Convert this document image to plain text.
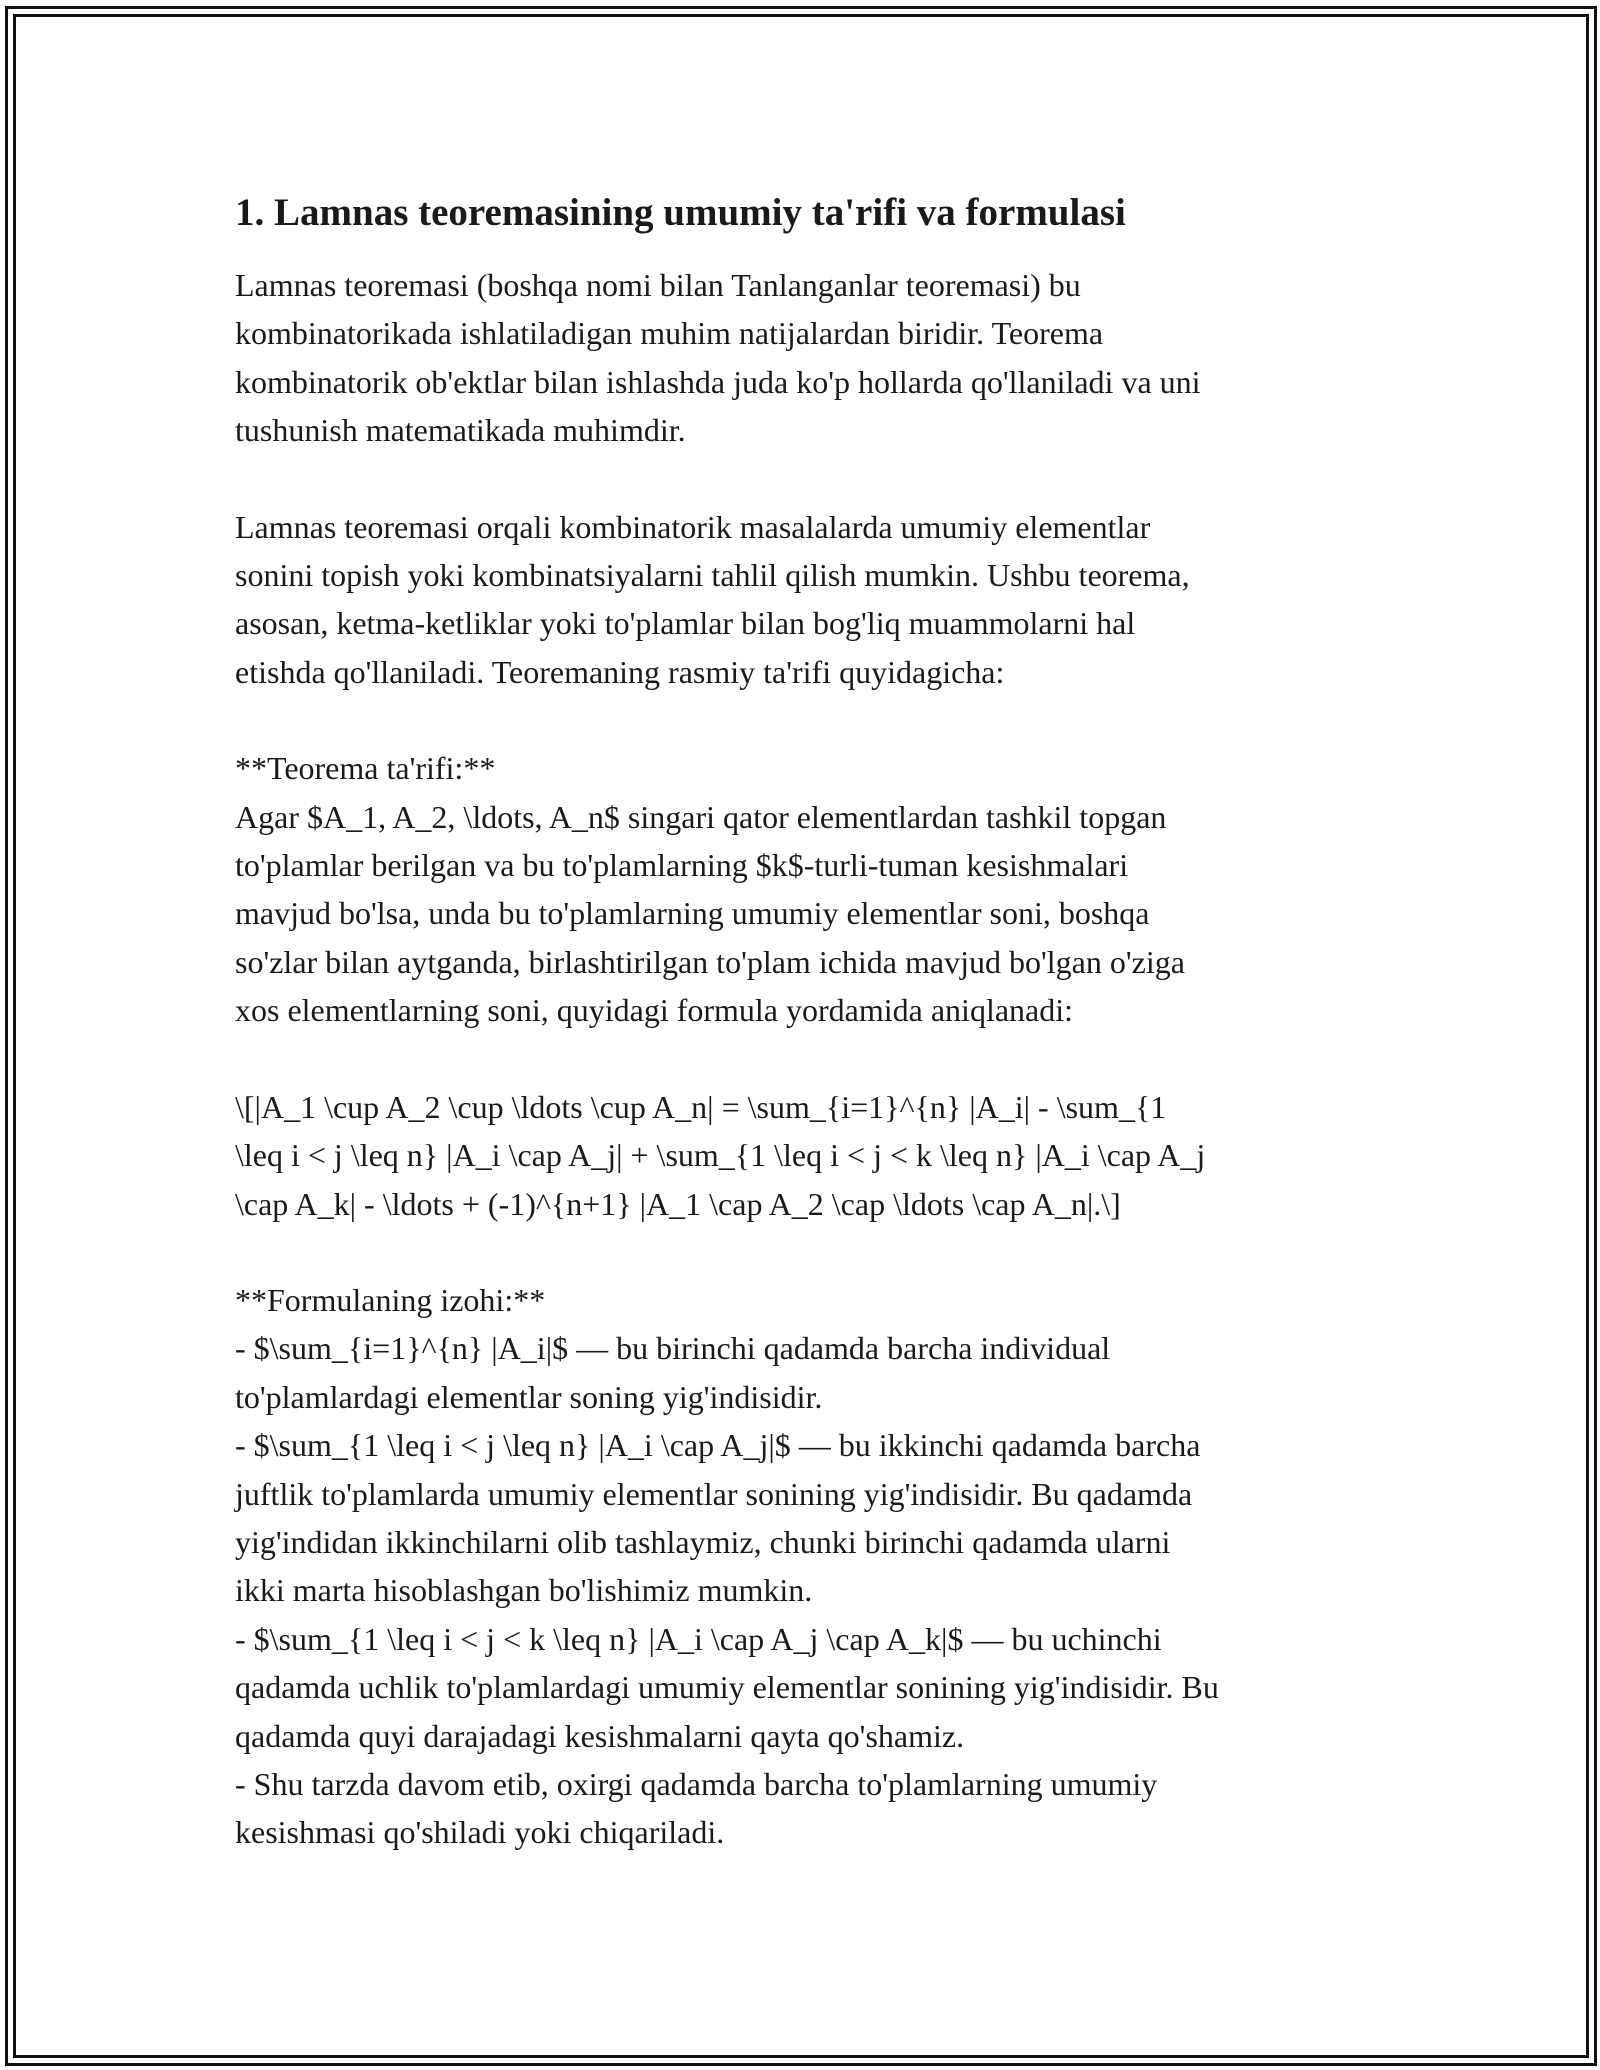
1. Lamnas teoremasining umumiy ta'rifi va formulasi
Lamnas teoremasi (boshqa nomi bilan Tanlanganlar teoremasi) bu
kombinatorikada ishlatiladigan muhim natijalardan biridir. Teorema
kombinatorik ob'ektlar bilan ishlashda juda ko'p hollarda qo'llaniladi va uni
tushunish matematikada muhimdir.
Lamnas teoremasi orqali kombinatorik masalalarda umumiy elementlar
sonini topish yoki kombinatsiyalarni tahlil qilish mumkin. Ushbu teorema,
asosan, ketma-ketliklar yoki to'plamlar bilan bog'liq muammolarni hal
etishda qo'llaniladi. Teoremaning rasmiy ta'rifi quyidagicha:
**Teorema ta'rifi:**
Agar $A_1, A_2, \ldots, A_n$ singari qator elementlardan tashkil topgan
to'plamlar berilgan va bu to'plamlarning $k$-turli-tuman kesishmalari
mavjud bo'lsa, unda bu to'plamlarning umumiy elementlar soni, boshqa
so'zlar bilan aytganda, birlashtirilgan to'plam ichida mavjud bo'lgan o'ziga
xos elementlarning soni, quyidagi formula yordamida aniqlanadi:
\[|A_1 \cup A_2 \cup \ldots \cup A_n| = \sum_{i=1}^{n} |A_i| - \sum_{1
\leq i < j \leq n} |A_i \cap A_j| + \sum_{1 \leq i < j < k \leq n} |A_i \cap A_j
\cap A_k| - \ldots + (-1)^{n+1} |A_1 \cap A_2 \cap \ldots \cap A_n|.\]
**Formulaning izohi:**
- $\sum_{i=1}^{n} |A_i|$ — bu birinchi qadamda barcha individual
to'plamlardagi elementlar soning yig'indisidir.
- $\sum_{1 \leq i < j \leq n} |A_i \cap A_j|$ — bu ikkinchi qadamda barcha
juftlik to'plamlarda umumiy elementlar sonining yig'indisidir. Bu qadamda
yig'indidan ikkinchilarni olib tashlaymiz, chunki birinchi qadamda ularni
ikki marta hisoblashgan bo'lishimiz mumkin.
- $\sum_{1 \leq i < j < k \leq n} |A_i \cap A_j \cap A_k|$ — bu uchinchi
qadamda uchlik to'plamlardagi umumiy elementlar sonining yig'indisidir. Bu
qadamda quyi darajadagi kesishmalarni qayta qo'shamiz.
- Shu tarzda davom etib, oxirgi qadamda barcha to'plamlarning umumiy
kesishmasi qo'shiladi yoki chiqariladi.
